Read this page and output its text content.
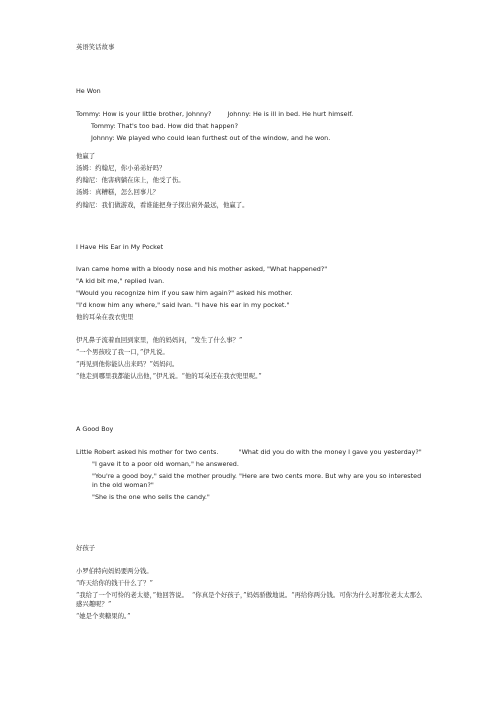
英语笑话故事
He Won

Tommy: How is your little brother, Johnny?        Johnny: He is ill in bed. He hurt himself.

Tommy: That's too bad. How did that happen?

Johnny: We played who could lean furthest out of the window, and he won.

他赢了

汤姆：约翰尼，你小弟弟好吗？

约翰尼：他害病躺在床上，他受了伤。

汤姆：真糟糕，怎么回事儿？

约翰尼：我们做游戏，看谁能把身子探出窗外最远，他赢了。

I Have His Ear in My Pocket

Ivan came home with a bloody nose and his mother asked, "What happened?"

"A kid bit me," replied Ivan.

"Would you recognize him if you saw him again?" asked his mother.

"I'd know him any where," said Ivan. "I have his ear in my pocket."

他的耳朵在我衣兜里

伊凡鼻子流着血回到家里，他的妈妈问，“发生了什么事？”

“一个男孩咬了我一口，”伊凡说。

“再见到他你能认出来吗？”妈妈问。

“他走到哪里我都能认出他，”伊凡说。“他的耳朵还在我衣兜里呢。”

A Good Boy

Little Robert asked his mother for two cents.          "What did you do with the money I gave you yesterday?"

"I gave it to a poor old woman," he answered.

"You're a good boy," said the mother proudly. "Here are two cents more. But why are you so interested in the old woman?"

"She is the one who sells the candy."

好孩子

小罗伯特向妈妈要两分钱。

“昨天给你的钱干什么了？”

“我给了一个可怜的老太婆，”他回答说。  “你真是个好孩子，”妈妈骄傲地说。“再给你两分钱。可你为什么对那位老太太那么感兴趣呢？”

“她是个卖糖果的。”
